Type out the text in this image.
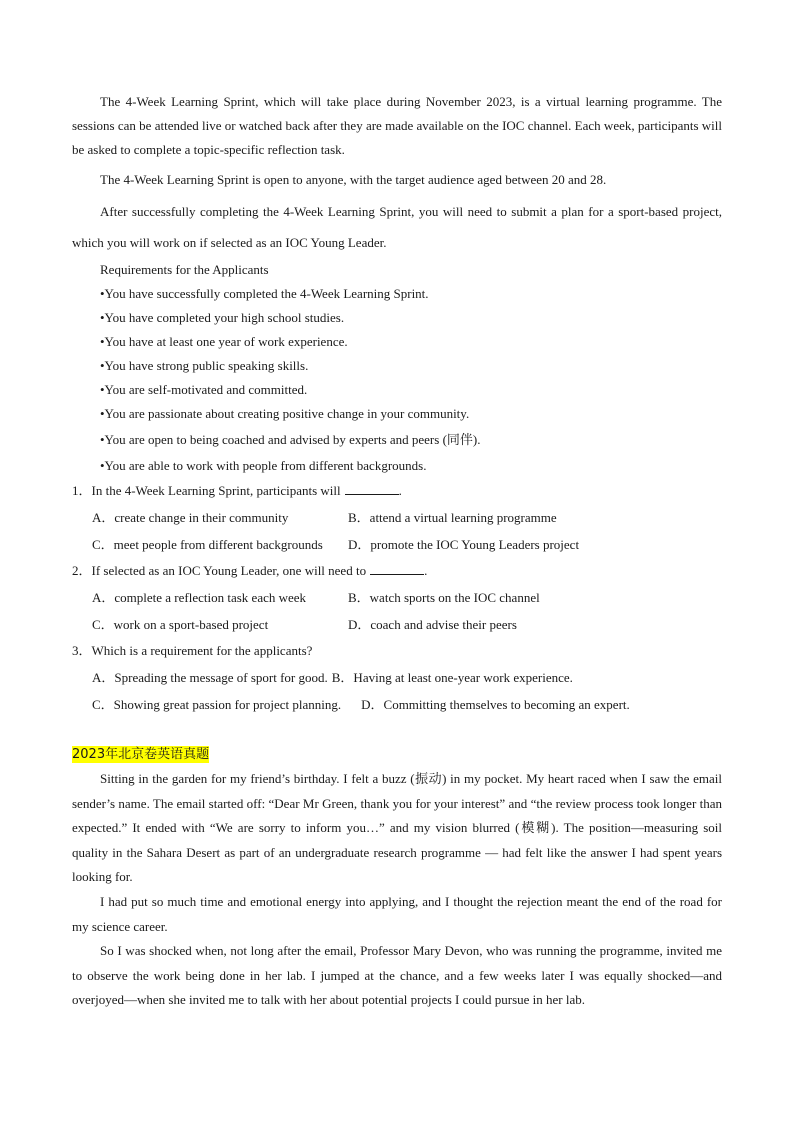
The 4-Week Learning Sprint, which will take place during November 2023, is a virtual learning programme. The sessions can be attended live or watched back after they are made available on the IOC channel. Each week, participants will be asked to complete a topic-specific reflection task.

The 4-Week Learning Sprint is open to anyone, with the target audience aged between 20 and 28.

After successfully completing the 4-Week Learning Sprint, you will need to submit a plan for a sport-based project, which you will work on if selected as an IOC Young Leader.

Requirements for the Applicants

•You have successfully completed the 4-Week Learning Sprint.

•You have completed your high school studies.

•You have at least one year of work experience.

•You have strong public speaking skills.

•You are self-motivated and committed.

•You are passionate about creating positive change in your community.

•You are open to being coached and advised by experts and peers (同伴).

•You are able to work with people from different backgrounds.

1．In the 4-Week Learning Sprint, participants will	.

A．create change in their community	B．attend a virtual learning programme
C．meet people from different backgrounds	D．promote the IOC Young Leaders project

2．If selected as an IOC Young Leader, one will need to	.

A．complete a reflection task each week	B．watch sports on the IOC channel
C．work on a sport-based project	D．coach and advise their peers

3．Which is a requirement for the applicants?

A．Spreading the message of sport for good. B．Having at least one-year work experience.
C．Showing great passion for project planning. D．Committing themselves to becoming an expert.

2023年北京卷英语真题

Sitting in the garden for my friend’s birthday. I felt a buzz (振动) in my pocket. My heart raced when I saw the email sender’s name. The email started off: “Dear Mr Green, thank you for your interest” and “the review process took longer than expected.” It ended with “We are sorry to inform you…” and my vision blurred (模糊). The position—measuring soil quality in the Sahara Desert as part of an undergraduate research programme — had felt like the answer I had spent years looking for.

I had put so much time and emotional energy into applying, and I thought the rejection meant the end of the road for my science career.

So I was shocked when, not long after the email, Professor Mary Devon, who was running the programme, invited me to observe the work being done in her lab. I jumped at the chance, and a few weeks later I was equally shocked—and overjoyed—when she invited me to talk with her about potential projects I could pursue in her lab.
